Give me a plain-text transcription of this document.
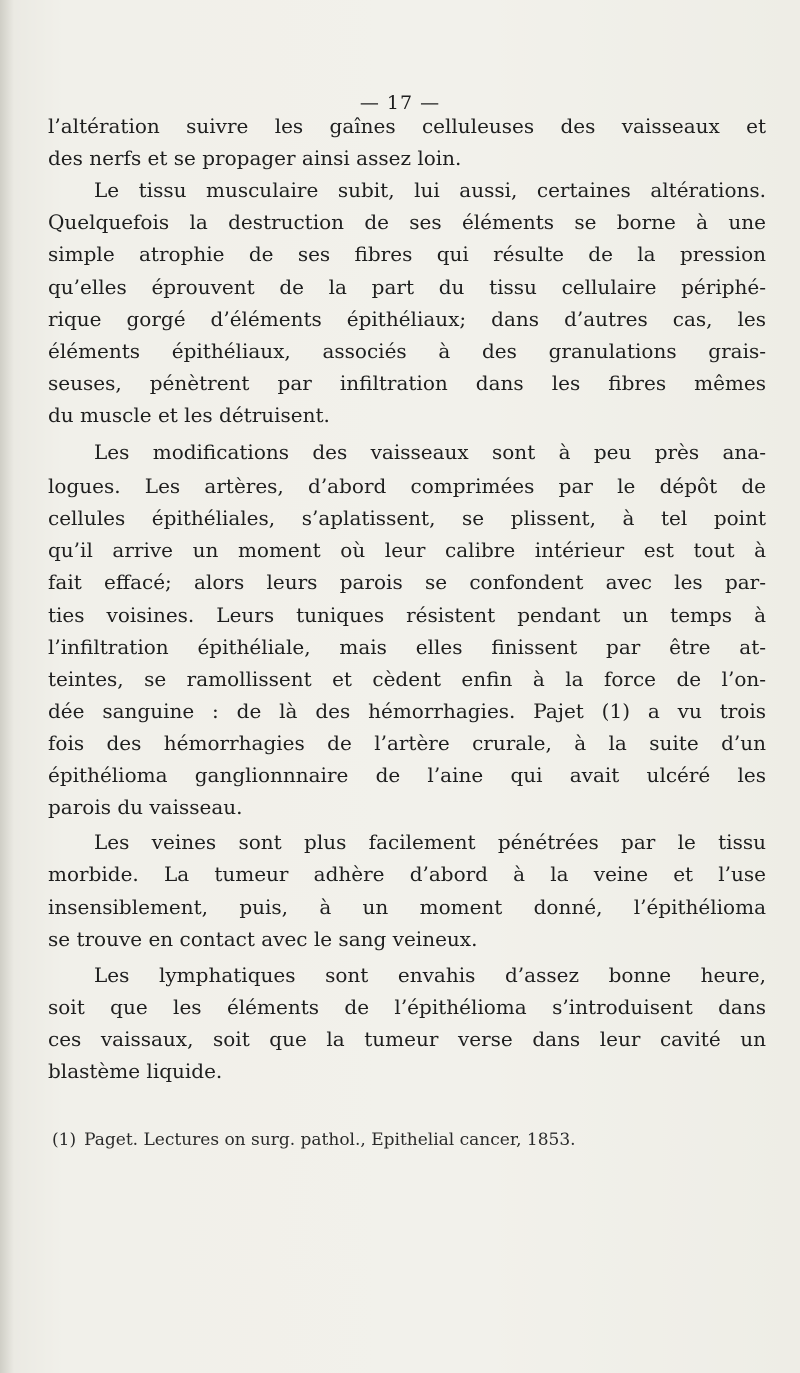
— 17 —
l’altération suivre les gaînes celluleuses des vaisseaux et
des nerfs et se propager ainsi assez loin.
Le tissu musculaire subit, lui aussi, certaines altérations.
Quelquefois la destruction de ses éléments se borne à une
simple atrophie de ses fibres qui résulte de la pression
qu’elles éprouvent de la part du tissu cellulaire périphé-
rique gorgé d’éléments épithéliaux; dans d’autres cas, les
éléments épithéliaux, associés à des granulations grais-
seuses, pénètrent par infiltration dans les fibres mêmes
du muscle et les détruisent.
Les modifications des vaisseaux sont à peu près ana-
logues. Les artères, d’abord comprimées par le dépôt de
cellules épithéliales, s’aplatissent, se plissent, à tel point
qu’il arrive un moment où leur calibre intérieur est tout à
fait effacé; alors leurs parois se confondent avec les par-
ties voisines. Leurs tuniques résistent pendant un temps à
l’infiltration épithéliale, mais elles finissent par être at-
teintes, se ramollissent et cèdent enfin à la force de l’on-
dée sanguine : de là des hémorrhagies. Pajet (1) a vu trois
fois des hémorrhagies de l’artère crurale, à la suite d’un
épithélioma ganglionnnaire de l’aine qui avait ulcéré les
parois du vaisseau.
Les veines sont plus facilement pénétrées par le tissu
morbide. La tumeur adhère d’abord à la veine et l’use
insensiblement, puis, à un moment donné, l’épithélioma
se trouve en contact avec le sang veineux.
Les lymphatiques sont envahis d’assez bonne heure,
soit que les éléments de l’épithélioma s’introduisent dans
ces vaissaux, soit que la tumeur verse dans leur cavité un
blastème liquide.
(1) Paget. Lectures on surg. pathol., Epithelial cancer, 1853.
